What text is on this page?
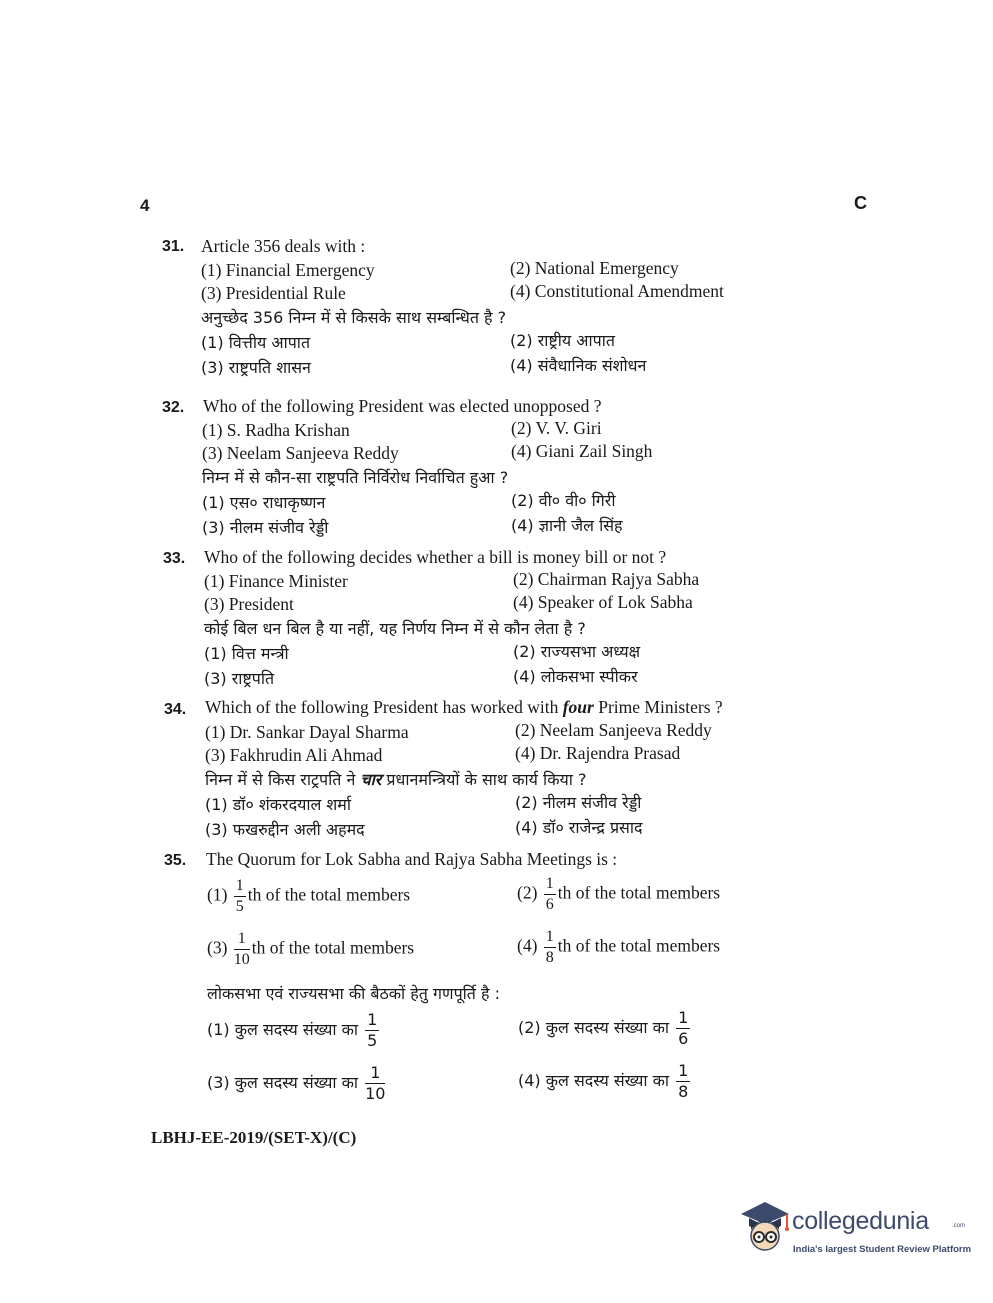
4	C
31. Article 356 deals with :
(1) Financial Emergency	(2) National Emergency
(3) Presidential Rule	(4) Constitutional Amendment
अनुच्छेद 356 निम्न में से किसके साथ सम्बन्धित है ?
(1) वित्तीय आपात	(2) राष्ट्रीय आपात
(3) राष्ट्रपति शासन	(4) संवैधानिक संशोधन
32. Who of the following President was elected unopposed ?
(1) S. Radha Krishan	(2) V. V. Giri
(3) Neelam Sanjeeva Reddy	(4) Giani Zail Singh
निम्न में से कौन-सा राष्ट्रपति निर्विरोध निर्वाचित हुआ ?
(1) एस० राधाकृष्णन	(2) वी० वी० गिरी
(3) नीलम संजीव रेड्डी	(4) ज्ञानी जैल सिंह
33. Who of the following decides whether a bill is money bill or not ?
(1) Finance Minister	(2) Chairman Rajya Sabha
(3) President	(4) Speaker of Lok Sabha
कोई बिल धन बिल है या नहीं, यह निर्णय निम्न में से कौन लेता है ?
(1) वित्त मन्त्री	(2) राज्यसभा अध्यक्ष
(3) राष्ट्रपति	(4) लोकसभा स्पीकर
34. Which of the following President has worked with four Prime Ministers ?
(1) Dr. Sankar Dayal Sharma	(2) Neelam Sanjeeva Reddy
(3) Fakhrudin Ali Ahmad	(4) Dr. Rajendra Prasad
निम्न में से किस राट्रपति ने चार प्रधानमन्त्रियों के साथ कार्य किया ?
(1) डॉ० शंकरदयाल शर्मा	(2) नीलम संजीव रेड्डी
(3) फखरुद्दीन अली अहमद	(4) डॉ० राजेन्द्र प्रसाद
35. The Quorum for Lok Sabha and Rajya Sabha Meetings is :
$(1) \frac{1}{5}$ th of the total members	$(2) \frac{1}{6}$ th of the total members
$(3) \frac{1}{10}$ th of the total members	$(4) \frac{1}{8}$ th of the total members
लोकसभा एवं राज्यसभा की बैठकों हेतु गणपूर्ति है :
(1) कुल सदस्य संख्या का $\frac{1}{5}$	(2) कुल सदस्य संख्या का $\frac{1}{6}$
(3) कुल सदस्य संख्या का $\frac{1}{10}$	(4) कुल सदस्य संख्या का $\frac{1}{8}$
LBHJ-EE-2019/(SET-X)/(C)
collegedunia	.com
India's largest Student Review Platform
